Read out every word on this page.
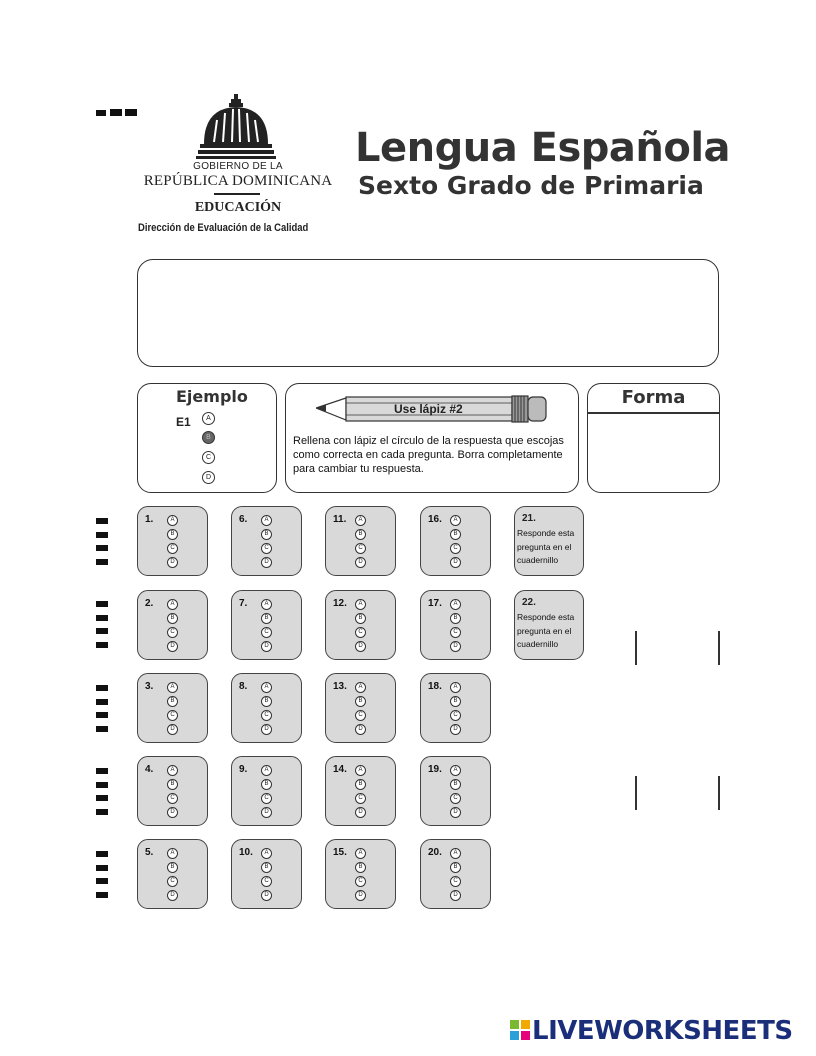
GOBIERNO DE LA
REPÚBLICA DOMINICANA
EDUCACIÓN
Dirección de Evaluación de la Calidad
Lengua Española
Sexto Grado de Primaria
Ejemplo
E1	A
B
C
D
Use lápiz #2
Rellena con lápiz el círculo de la respuesta que escojas como correcta en cada pregunta. Borra completamente para cambiar tu respuesta.
Forma
1.	A
B
C
D
2.	A
B
C
D
3.	A
B
C
D
4.	A
B
C
D
5.	A
B
C
D
6.	A
B
C
D
7.	A
B
C
D
8.	A
B
C
D
9.	A
B
C
D
10.	A
B
C
D
11.	A
B
C
D
12.	A
B
C
D
13.	A
B
C
D
14.	A
B
C
D
15.	A
B
C
D
16.	A
B
C
D
17.	A
B
C
D
18.	A
B
C
D
19.	A
B
C
D
20.	A
B
C
D
21.
Responde esta pregunta en el cuadernillo
22.
Responde esta pregunta en el cuadernillo
LIVEWORKSHEETS
